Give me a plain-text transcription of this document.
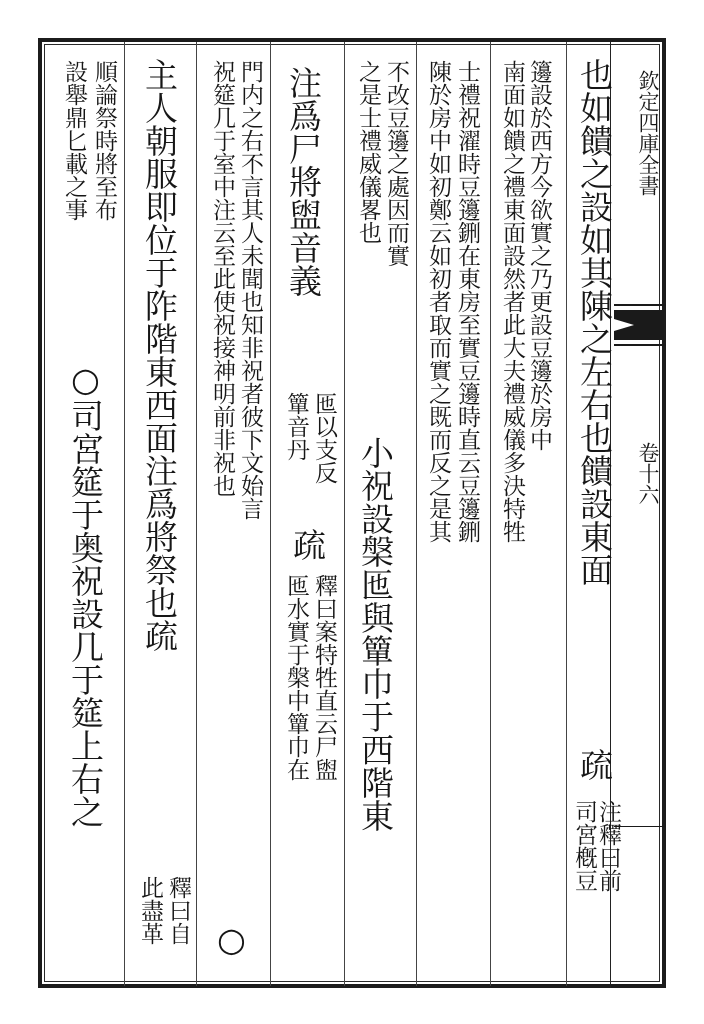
欽定四庫全書
卷十六
也如饋之設如其陳之左右也饋設東面
疏
注釋曰前
司宮槪豆
籩設於西方今欲實之乃更設豆籩於房中
南面如饋之禮東面設然者此大夫禮威儀多決特牲
士禮祝濯時豆籩鉶在東房至實豆籩時直云豆籩鉶
陳於房中如初鄭云如初者取而實之既而反之是其
不改豆籩之處因而實
之是士禮威儀畧也
小祝設槃匜與簞巾于西階東
注爲尸將盥音義
匜以支反
簞音丹
疏
釋曰案特牲直云尸盥
匜水實于槃中簞巾在
門内之右不言其人未聞也知非祝者彼下文始言
祝筵几于室中注云至此使祝接神明前非祝也
○
主人朝服即位于阼階東西面注爲將祭也疏
釋曰自
此盡革
順論祭時將至布
設舉鼎匕載之事
○司宮筵于奥祝設几于筵上右之
